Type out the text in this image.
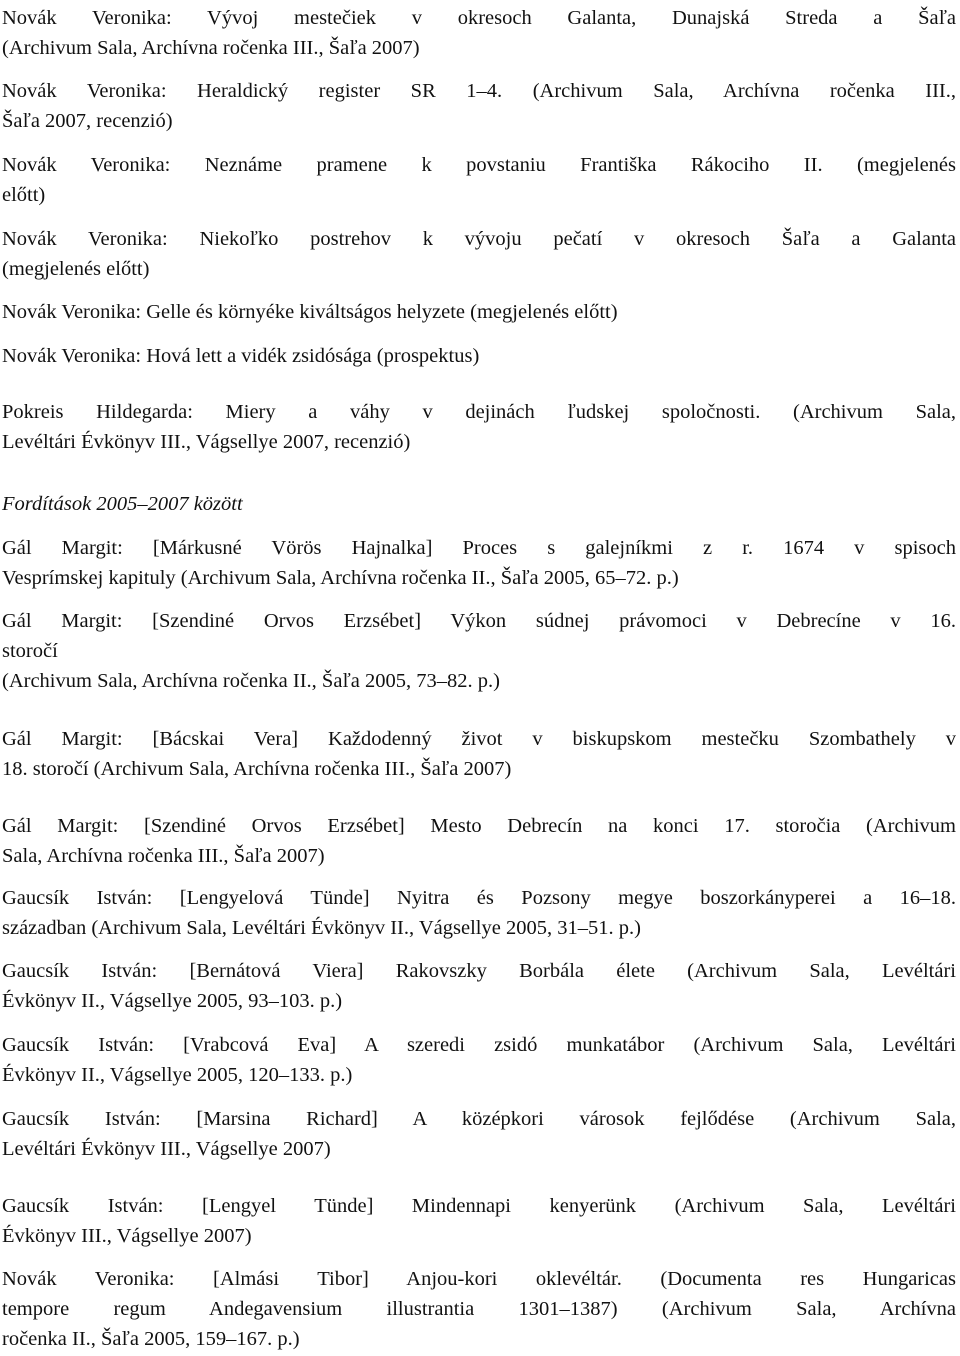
Novák Veronika: Vývoj mestečiek v okresoch Galanta, Dunajská Streda a Šaľa
(Archivum Sala, Archívna ročenka III., Šaľa 2007)

Novák Veronika: Heraldický register SR 1–4. (Archivum Sala, Archívna ročenka III.,
Šaľa 2007, recenzió)

Novák Veronika: Neznáme pramene k povstaniu Františka Rákociho II. (megjelenés
előtt)

Novák Veronika: Niekoľko postrehov k vývoju pečatí v okresoch Šaľa a Galanta
(megjelenés előtt)

Novák Veronika: Gelle és környéke kiváltságos helyzete (megjelenés előtt)

Novák Veronika: Hová lett a vidék zsidósága (prospektus)

Pokreis Hildegarda: Miery a váhy v dejinách ľudskej spoločnosti. (Archivum Sala,
Levéltári Évkönyv III., Vágsellye 2007, recenzió)

Fordítások 2005–2007 között

Gál Margit: [Márkusné Vörös Hajnalka] Proces s galejníkmi z r. 1674 v spisoch
Vesprímskej kapituly (Archivum Sala, Archívna ročenka II., Šaľa 2005, 65–72. p.)

Gál Margit: [Szendiné Orvos Erzsébet] Výkon súdnej právomoci v Debrecíne v 16.
storočí
(Archivum Sala, Archívna ročenka II., Šaľa 2005, 73–82. p.)

Gál Margit: [Bácskai Vera] Každodenný život v biskupskom mestečku Szombathely v
18. storočí (Archivum Sala, Archívna ročenka III., Šaľa 2007)

Gál Margit: [Szendiné Orvos Erzsébet] Mesto Debrecín na konci 17. storočia (Archivum
Sala, Archívna ročenka III., Šaľa 2007)

Gaucsík István: [Lengyelová Tünde] Nyitra és Pozsony megye boszorkányperei a 16–18.
században (Archivum Sala, Levéltári Évkönyv II., Vágsellye 2005, 31–51. p.)

Gaucsík István: [Bernátová Viera] Rakovszky Borbála élete (Archivum Sala, Levéltári
Évkönyv II., Vágsellye 2005, 93–103. p.)

Gaucsík István: [Vrabcová Eva] A szeredi zsidó munkatábor (Archivum Sala, Levéltári
Évkönyv II., Vágsellye 2005, 120–133. p.)

Gaucsík István: [Marsina Richard] A középkori városok fejlődése (Archivum Sala,
Levéltári Évkönyv III., Vágsellye 2007)

Gaucsík István: [Lengyel Tünde] Mindennapi kenyerünk (Archivum Sala, Levéltári
Évkönyv III., Vágsellye 2007)

Novák Veronika: [Almási Tibor] Anjou-kori oklevéltár. (Documenta res Hungaricas
tempore regum Andegavensium illustrantia 1301–1387) (Archivum Sala, Archívna
ročenka II., Šaľa 2005, 159–167. p.)
